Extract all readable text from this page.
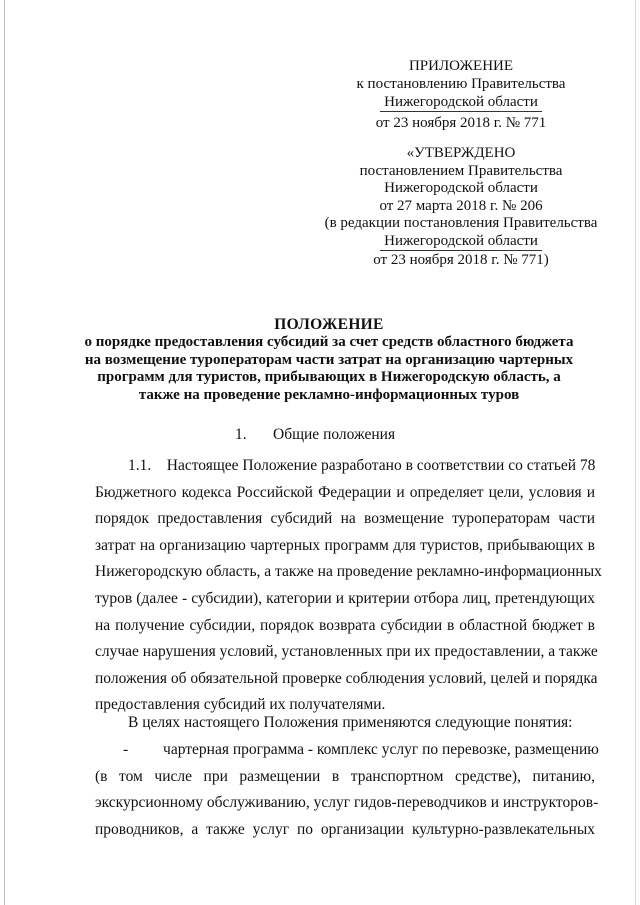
ПРИЛОЖЕНИЕ
к постановлению Правительства
Нижегородской области
от 23 ноября 2018 г. № 771
«УТВЕРЖДЕНО
постановлением Правительства
Нижегородской области
от 27 марта 2018 г. № 206
(в редакции постановления Правительства
Нижегородской области
от 23 ноября 2018 г. № 771)
ПОЛОЖЕНИЕ
о порядке предоставления субсидий за счет средств областного бюджета
на возмещение туроператорам части затрат на организацию чартерных
программ для туристов, прибывающих в Нижегородскую область, а
также на проведение рекламно-информационных туров
1. Общие положения
1.1.    Настоящее Положение разработано в соответствии со статьей 78
Бюджетного кодекса Российской Федерации и определяет цели, условия и
порядок предоставления субсидий на возмещение туроператорам части
затрат на организацию чартерных программ для туристов, прибывающих в
Нижегородскую область, а также на проведение рекламно-информационных
туров (далее - субсидии), категории и критерии отбора лиц, претендующих
на получение субсидии, порядок возврата субсидии в областной бюджет в
случае нарушения условий, установленных при их предоставлении, а также
положения об обязательной проверке соблюдения условий, целей и порядка
предоставления субсидий их получателями.
В целях настоящего Положения применяются следующие понятия:
-         чартерная программа - комплекс услуг по перевозке, размещению
(в том числе при размещении в транспортном средстве), питанию,
экскурсионному обслуживанию, услуг гидов-переводчиков и инструкторов-
проводников, а также услуг по организации культурно-развлекательных
